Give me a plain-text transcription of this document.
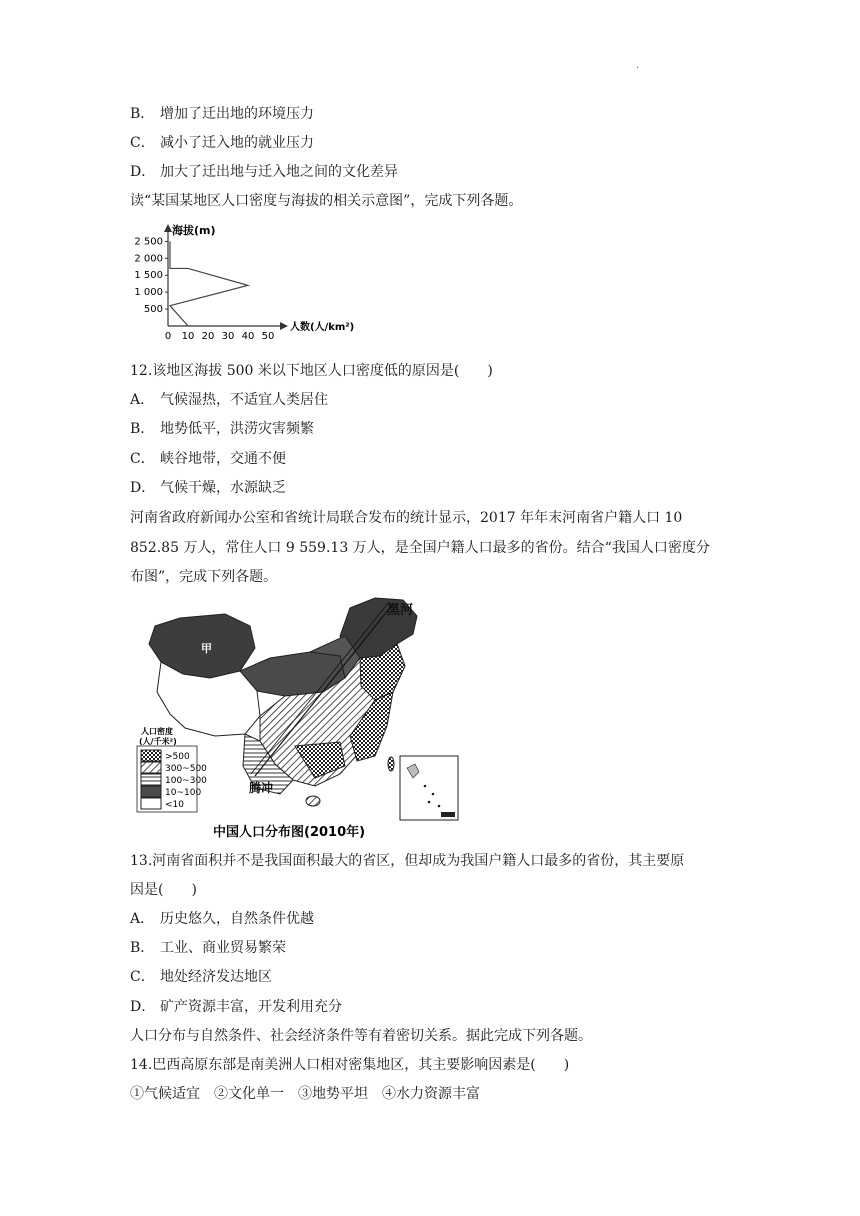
.
B． 增加了迁出地的环境压力
C． 减小了迁入地的就业压力
D． 加大了迁出地与迁入地之间的文化差异
读“某国某地区人口密度与海拔的相关示意图”，完成下列各题。
海拔(m)
人数(人/km²)
2 500
2 000
1 500
1 000
500
0 10 20 30 40 50
12.该地区海拔 500 米以下地区人口密度低的原因是(　　)
A． 气候湿热，不适宜人类居住
B． 地势低平，洪涝灾害频繁
C． 峡谷地带，交通不便
D． 气候干燥，水源缺乏
河南省政府新闻办公室和省统计局联合发布的统计显示，2017 年年末河南省户籍人口 10
852.85 万人，常住人口 9 559.13 万人，是全国户籍人口最多的省份。结合“我国人口密度分
布图”，完成下列各题。
黑河
腾冲
甲
人口密度
(人/千米²)
>500
300~500
100~300
10~100
<10
中国人口分布图(2010年)
13.河南省面积并不是我国面积最大的省区，但却成为我国户籍人口最多的省份，其主要原
因是(　　)
A． 历史悠久，自然条件优越
B． 工业、商业贸易繁荣
C． 地处经济发达地区
D． 矿产资源丰富，开发利用充分
人口分布与自然条件、社会经济条件等有着密切关系。据此完成下列各题。
14.巴西高原东部是南美洲人口相对密集地区，其主要影响因素是(　　)
①气候适宜　②文化单一　③地势平坦　④水力资源丰富
